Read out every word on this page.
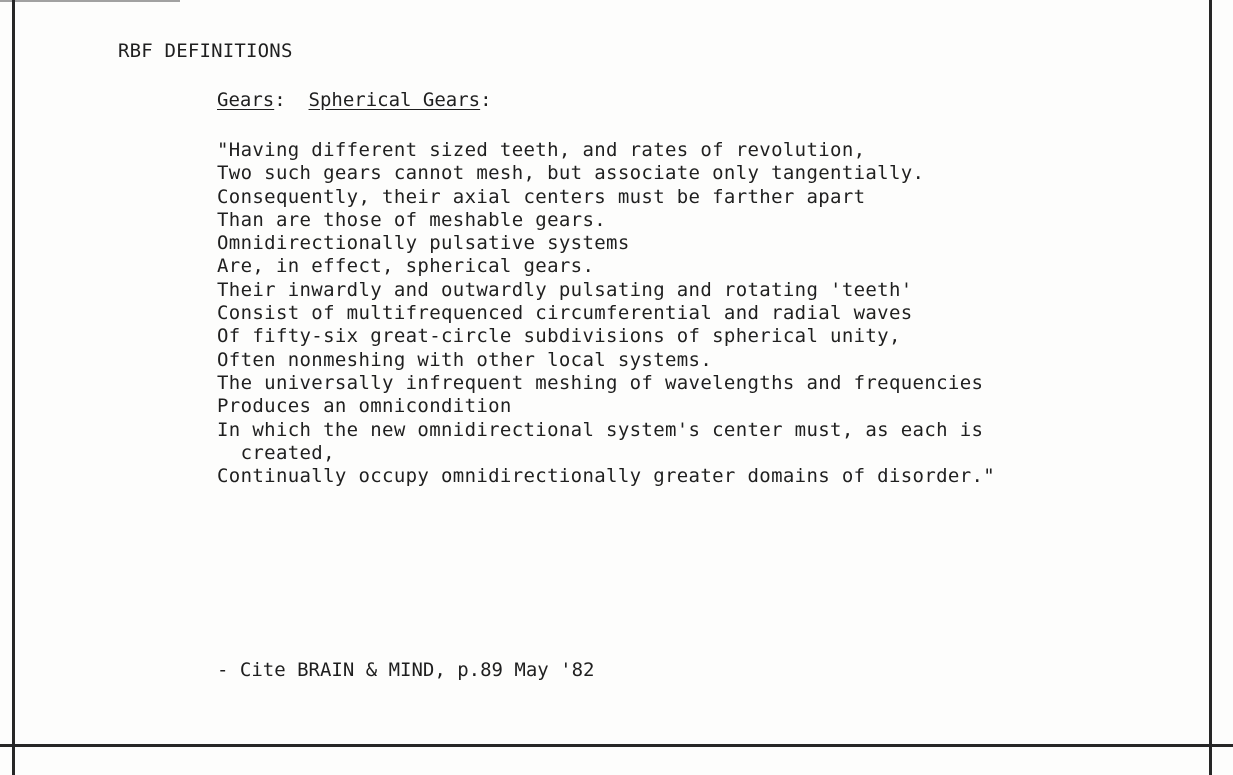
RBF DEFINITIONS
Gears:  Spherical Gears:
"Having different sized teeth, and rates of revolution,
Two such gears cannot mesh, but associate only tangentially.
Consequently, their axial centers must be farther apart
Than are those of meshable gears.
Omnidirectionally pulsative systems
Are, in effect, spherical gears.
Their inwardly and outwardly pulsating and rotating 'teeth'
Consist of multifrequenced circumferential and radial waves
Of fifty-six great-circle subdivisions of spherical unity,
Often nonmeshing with other local systems.
The universally infrequent meshing of wavelengths and frequencies
Produces an omnicondition
In which the new omnidirectional system's center must, as each is
created,
Continually occupy omnidirectionally greater domains of disorder."
- Cite BRAIN & MIND, p.89 May '82
